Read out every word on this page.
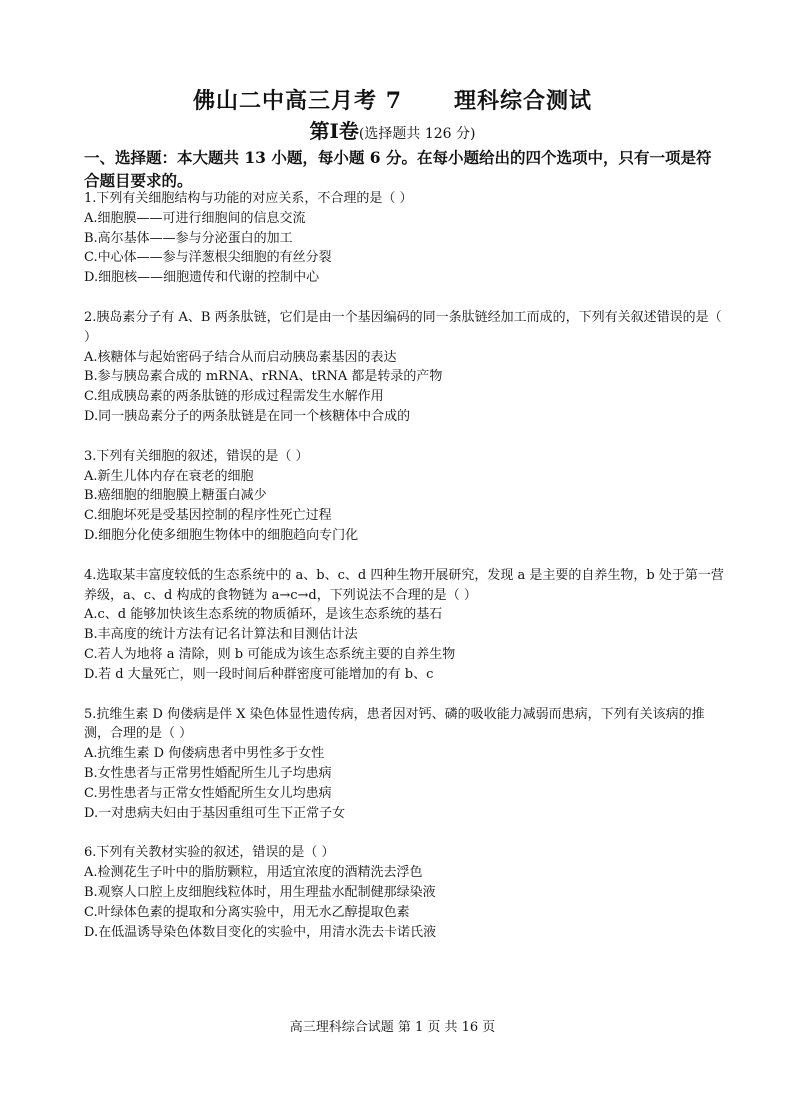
佛山二中高三月考 7      理科综合测试
第Ⅰ卷(选择题共 126 分)
一、选择题：本大题共 13 小题，每小题 6 分。在每小题给出的四个选项中，只有一项是符合题目要求的。
1.下列有关细胞结构与功能的对应关系，不合理的是（ ）
A.细胞膜——可进行细胞间的信息交流
B.高尔基体——参与分泌蛋白的加工
C.中心体——参与洋葱根尖细胞的有丝分裂
D.细胞核——细胞遗传和代谢的控制中心
2.胰岛素分子有 A、B 两条肽链，它们是由一个基因编码的同一条肽链经加工而成的，下列有关叙述错误的是（ ）
A.核糖体与起始密码子结合从而启动胰岛素基因的表达
B.参与胰岛素合成的 mRNA、rRNA、tRNA 都是转录的产物
C.组成胰岛素的两条肽链的形成过程需发生水解作用
D.同一胰岛素分子的两条肽链是在同一个核糖体中合成的
3.下列有关细胞的叙述，错误的是（ ）
A.新生儿体内存在衰老的细胞
B.癌细胞的细胞膜上糖蛋白减少
C.细胞坏死是受基因控制的程序性死亡过程
D.细胞分化使多细胞生物体中的细胞趋向专门化
4.选取某丰富度较低的生态系统中的 a、b、c、d 四种生物开展研究，发现 a 是主要的自养生物，b 处于第一营养级，a、c、d 构成的食物链为 a→c→d，下列说法不合理的是（ ）
A.c、d 能够加快该生态系统的物质循环，是该生态系统的基石
B.丰高度的统计方法有记名计算法和目测估计法
C.若人为地将 a 清除，则 b 可能成为该生态系统主要的自养生物
D.若 d 大量死亡，则一段时间后种群密度可能增加的有 b、c
5.抗维生素 D 佝偻病是伴 X 染色体显性遗传病，患者因对钙、磷的吸收能力减弱而患病，下列有关该病的推测，合理的是（ ）
A.抗维生素 D 佝偻病患者中男性多于女性
B.女性患者与正常男性婚配所生儿子均患病
C.男性患者与正常女性婚配所生女儿均患病
D.一对患病夫妇由于基因重组可生下正常子女
6.下列有关教材实验的叙述，错误的是（ ）
A.检测花生子叶中的脂肪颗粒，用适宜浓度的酒精洗去浮色
B.观察人口腔上皮细胞线粒体时，用生理盐水配制健那绿染液
C.叶绿体色素的提取和分离实验中，用无水乙醇提取色素
D.在低温诱导染色体数目变化的实验中，用清水洗去卡诺氏液
高三理科综合试题 第 1 页 共 16 页
